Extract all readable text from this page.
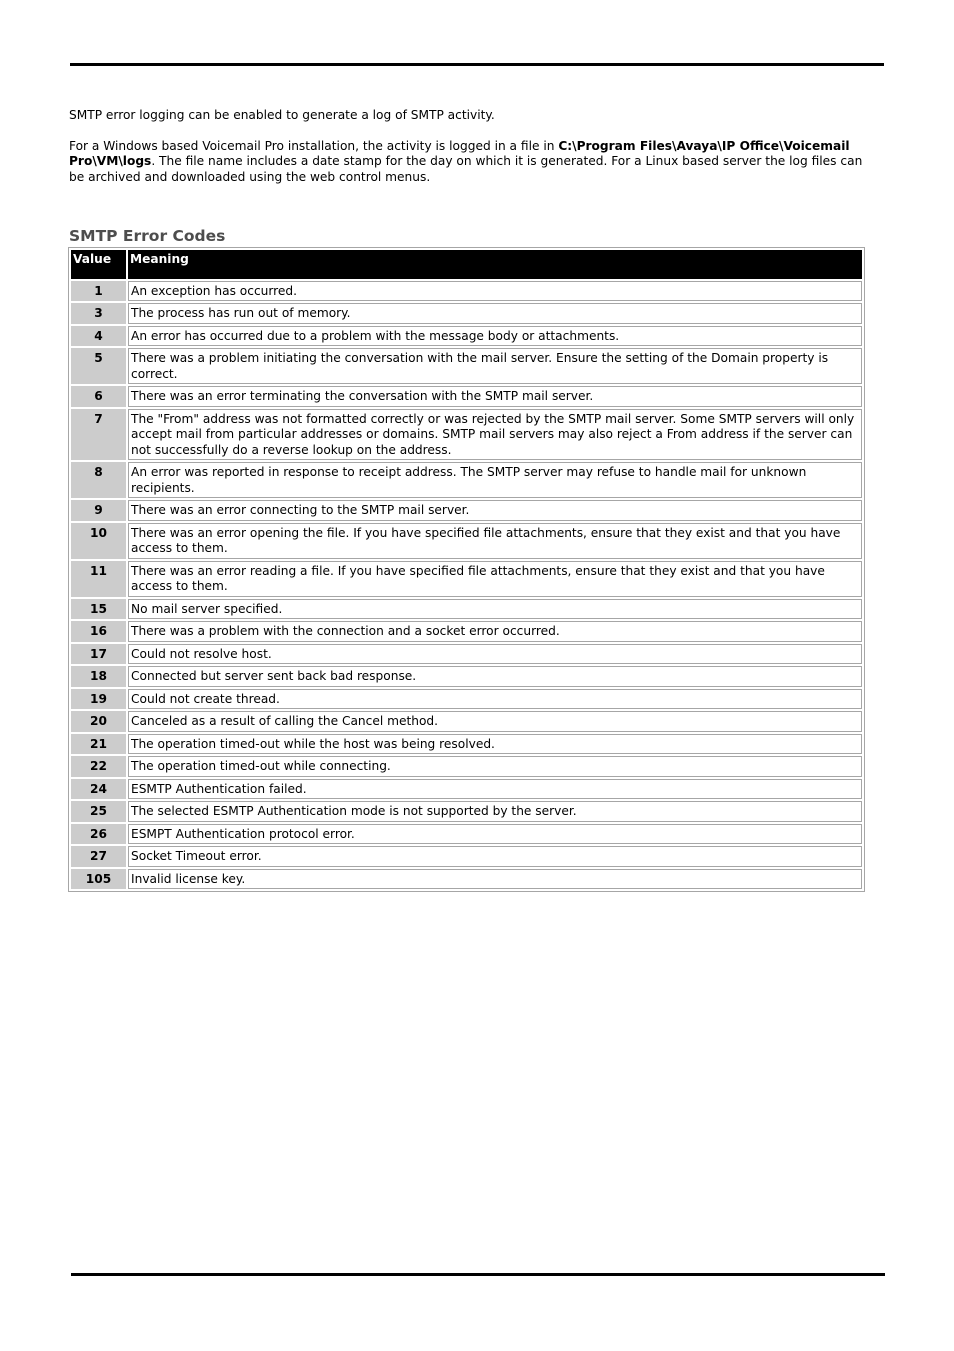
SMTP error logging can be enabled to generate a log of SMTP activity.

For a Windows based Voicemail Pro installation, the activity is logged in a file in C:\Program Files\Avaya\IP Office\Voicemail Pro\VM\logs. The file name includes a date stamp for the day on which it is generated. For a Linux based server the log files can be archived and downloaded using the web control menus.

SMTP Error Codes
Value	Meaning
1	An exception has occurred.
3	The process has run out of memory.
4	An error has occurred due to a problem with the message body or attachments.
5	There was a problem initiating the conversation with the mail server. Ensure the setting of the Domain property is correct.
6	There was an error terminating the conversation with the SMTP mail server.
7	The "From" address was not formatted correctly or was rejected by the SMTP mail server. Some SMTP servers will only accept mail from particular addresses or domains. SMTP mail servers may also reject a From address if the server can not successfully do a reverse lookup on the address.
8	An error was reported in response to receipt address. The SMTP server may refuse to handle mail for unknown recipients.
9	There was an error connecting to the SMTP mail server.
10	There was an error opening the file. If you have specified file attachments, ensure that they exist and that you have access to them.
11	There was an error reading a file. If you have specified file attachments, ensure that they exist and that you have access to them.
15	No mail server specified.
16	There was a problem with the connection and a socket error occurred.
17	Could not resolve host.
18	Connected but server sent back bad response.
19	Could not create thread.
20	Canceled as a result of calling the Cancel method.
21	The operation timed-out while the host was being resolved.
22	The operation timed-out while connecting.
24	ESMTP Authentication failed.
25	The selected ESMTP Authentication mode is not supported by the server.
26	ESMPT Authentication protocol error.
27	Socket Timeout error.
105	Invalid license key.
